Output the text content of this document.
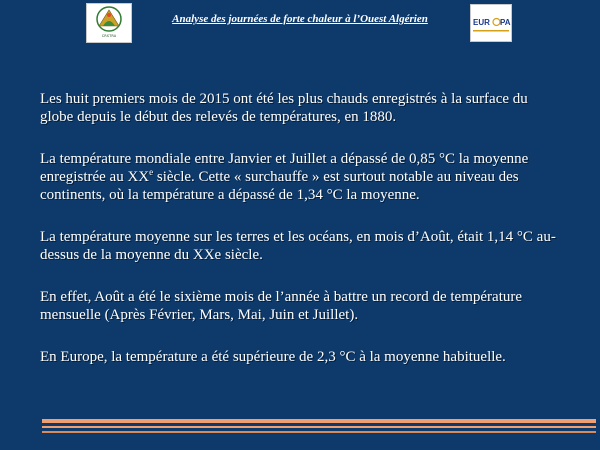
CRSTRA
Analyse des journées de forte chaleur à l’Ouest Algérien	EUR PA

Les huit premiers mois de 2015 ont été les plus chauds enregistrés à la surface du globe depuis le début des relevés de températures, en 1880.

La température mondiale entre Janvier et Juillet a dépassé de 0,85 °C la moyenne enregistrée au XXe siècle. Cette « surchauffe » est surtout notable au niveau des continents, où la température a dépassé de 1,34 °C la moyenne.

La température moyenne sur les terres et les océans, en mois d’Août, était 1,14 °C au-dessus de la moyenne du XXe siècle.

En effet, Août a été le sixième mois de l’année à battre un record de température mensuelle (Après Février, Mars, Mai, Juin et Juillet).

En Europe, la température a été supérieure de 2,3 °C à la moyenne habituelle.
